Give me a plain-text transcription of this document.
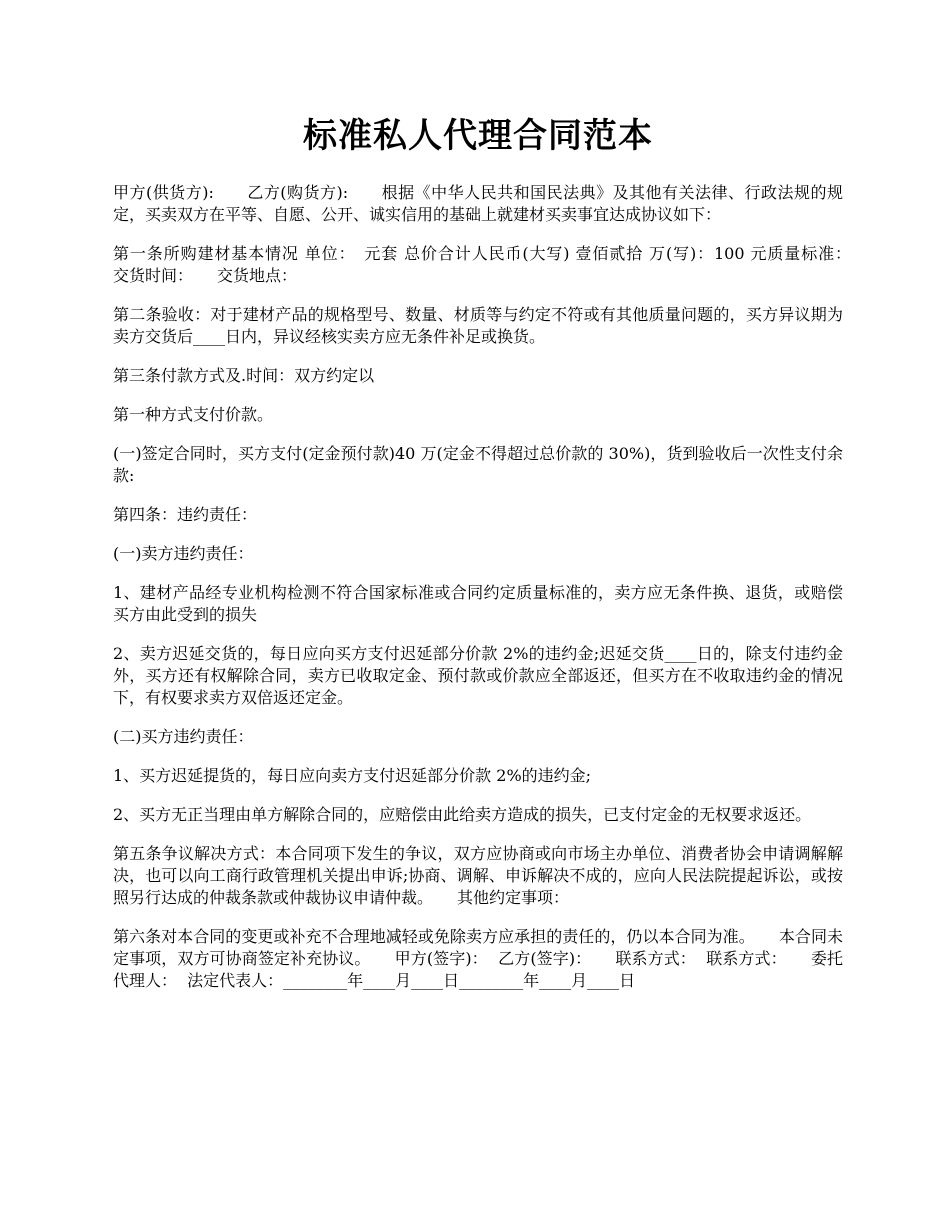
标准私人代理合同范本

甲方(供货方):　　乙方(购货方):　　根据《中华人民共和国民法典》及其他有关法律、行政法规的规定，买卖双方在平等、自愿、公开、诚实信用的基础上就建材买卖事宜达成协议如下：

第一条所购建材基本情况 单位：　元套 总价合计人民币(大写) 壹佰贰拾 万(写)：100 元质量标准：　　交货时间：　　交货地点：

第二条验收：对于建材产品的规格型号、数量、材质等与约定不符或有其他质量问题的，买方异议期为卖方交货后____日内，异议经核实卖方应无条件补足或换货。

第三条付款方式及.时间：双方约定以

第一种方式支付价款。

(一)签定合同时，买方支付(定金预付款)40 万(定金不得超过总价款的 30%)，货到验收后一次性支付余款:

第四条：违约责任：

(一)卖方违约责任：

1、建材产品经专业机构检测不符合国家标准或合同约定质量标准的，卖方应无条件换、退货，或赔偿买方由此受到的损失

2、卖方迟延交货的，每日应向买方支付迟延部分价款 2%的违约金;迟延交货____日的，除支付违约金外，买方还有权解除合同，卖方已收取定金、预付款或价款应全部返还，但买方在不收取违约金的情况下，有权要求卖方双倍返还定金。

(二)买方违约责任：

1、买方迟延提货的，每日应向卖方支付迟延部分价款 2%的违约金;

2、买方无正当理由单方解除合同的，应赔偿由此给卖方造成的损失，已支付定金的无权要求返还。

第五条争议解决方式：本合同项下发生的争议，双方应协商或向市场主办单位、消费者协会申请调解解决，也可以向工商行政管理机关提出申诉;协商、调解、申诉解决不成的，应向人民法院提起诉讼，或按照另行达成的仲裁条款或仲裁协议申请仲裁。　　其他约定事项：

第六条对本合同的变更或补充不合理地减轻或免除卖方应承担的责任的，仍以本合同为准。　　本合同未定事项，双方可协商签定补充协议。　　甲方(签字)：  乙方(签字)：　　联系方式：  联系方式：　　委托代理人：  法定代表人：________年____月____日________年____月____日
